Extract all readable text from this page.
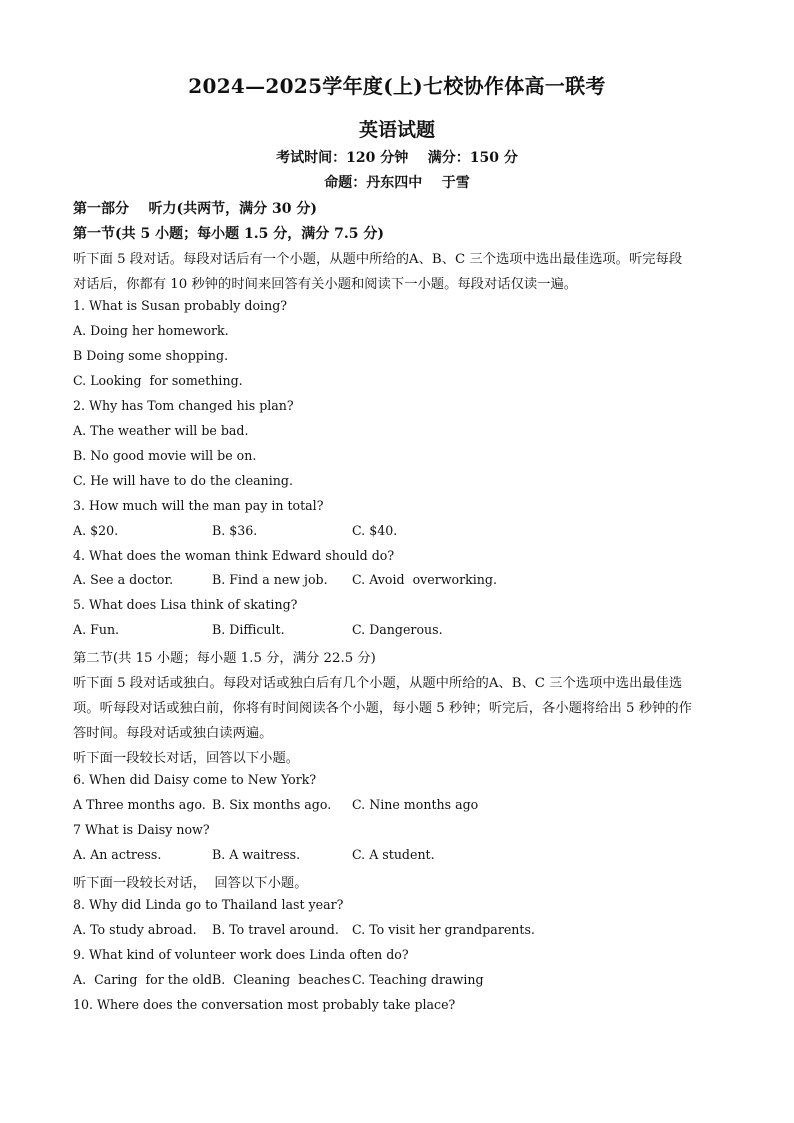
2024—2025学年度(上)七校协作体高一联考
英语试题
考试时间：120 分钟    满分：150 分
命题：丹东四中    于雪
第一部分    听力(共两节，满分 30 分)
第一节(共 5 小题；每小题 1.5 分，满分 7.5 分)
听下面 5 段对话。每段对话后有一个小题，从题中所给的A、B、C 三个选项中选出最佳选项。听完每段
对话后，你都有 10 秒钟的时间来回答有关小题和阅读下一小题。每段对话仅读一遍。
1. What is Susan probably doing?
A. Doing her homework.
B Doing some shopping.
C. Looking  for something.
2. Why has Tom changed his plan?
A. The weather will be bad.
B. No good movie will be on.
C. He will have to do the cleaning.
3. How much will the man pay in total?
A. $20.	B. $36.	C. $40.
4. What does the woman think Edward should do?
A. See a doctor.	B. Find a new job. C. Avoid  overworking.
5. What does Lisa think of skating?
A. Fun.	B. Difficult.	C. Dangerous.
第二节(共 15 小题；每小题 1.5 分，满分 22.5 分)
听下面 5 段对话或独白。每段对话或独白后有几个小题，从题中所给的A、B、C 三个选项中选出最佳选
项。听每段对话或独白前，你将有时间阅读各个小题，每小题 5 秒钟；听完后，各小题将给出 5 秒钟的作
答时间。每段对话或独白读两遍。
听下面一段较长对话，回答以下小题。
6. When did Daisy come to New York?
A Three months ago. B. Six months ago. C. Nine months ago
7 What is Daisy now?
A. An actress.	B. A waitress.	C. A student.
听下面一段较长对话，  回答以下小题。
8. Why did Linda go to Thailand last year?
A. To study abroad. B. To travel around. C. To visit her grandparents.
9. What kind of volunteer work does Linda often do?
A.  Caring  for the old.
B.  Cleaning  beaches C. Teaching drawing
10. Where does the conversation most probably take place?
